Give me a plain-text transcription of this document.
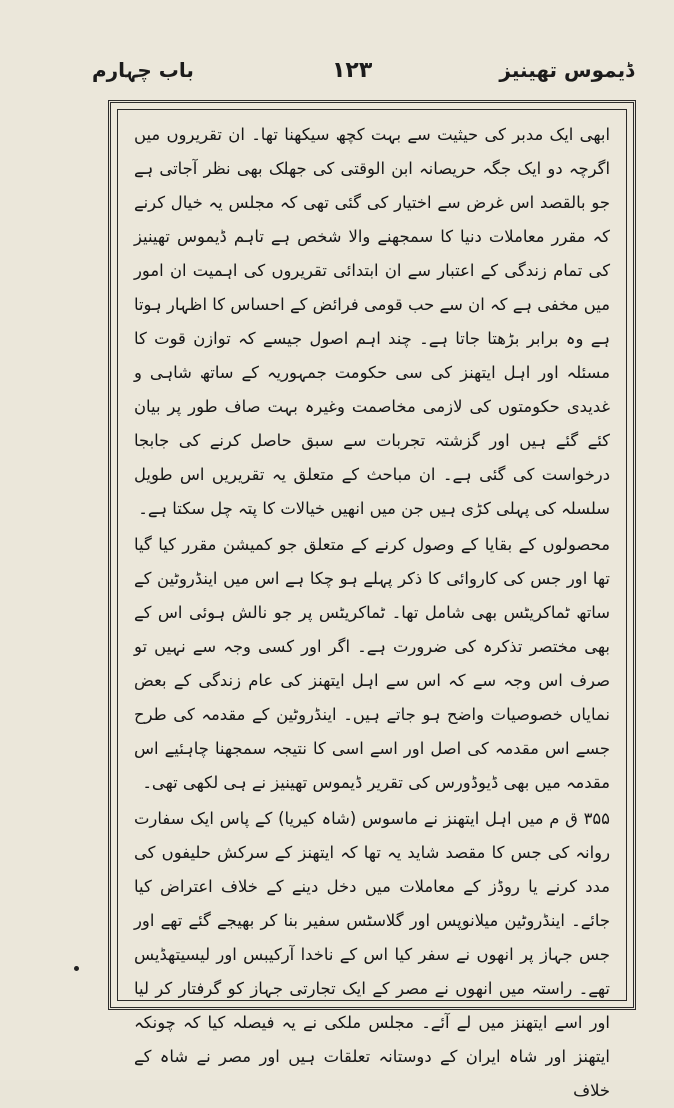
ڈیموس تھینیز
۱۲۳
باب چہارم

ابھی ایک مدبر کی حیثیت سے بہت کچھ سیکھنا تھا۔ ان تقریروں میں اگرچہ دو ایک جگہ حریصانہ ابن الوقتی کی جھلک بھی نظر آجاتی ہے جو بالقصد اس غرض سے اختیار کی گئی تھی کہ مجلس یہ خیال کرنے کہ مقرر معاملات دنیا کا سمجھنے والا شخص ہے تاہم ڈیموس تھینیز کی تمام زندگی کے اعتبار سے ان ابتدائی تقریروں کی اہمیت ان امور میں مخفی ہے کہ ان سے حب قومی فرائض کے احساس کا اظہار ہوتا ہے وہ برابر بڑھتا جاتا ہے۔ چند اہم اصول جیسے کہ توازن قوت کا مسئلہ اور اہل ایتھنز کی سی حکومت جمہوریہ کے ساتھ شاہی و غدیدی حکومتوں کی لازمی مخاصمت وغیرہ بہت صاف طور پر بیان کئے گئے ہیں اور گزشتہ تجربات سے سبق حاصل کرنے کی جابجا درخواست کی گئی ہے۔ ان مباحث کے متعلق یہ تقریریں اس طویل سلسلہ کی پہلی کڑی ہیں جن میں انھیں خیالات کا پتہ چل سکتا ہے۔

محصولوں کے بقایا کے وصول کرنے کے متعلق جو کمیشن مقرر کیا گیا تھا اور جس کی کاروائی کا ذکر پہلے ہو چکا ہے اس میں اینڈروٹین کے ساتھ ٹماکریٹس بھی شامل تھا۔ ٹماکریٹس پر جو نالش ہوئی اس کے بھی مختصر تذکرہ کی ضرورت ہے۔ اگر اور کسی وجہ سے نہیں تو صرف اس وجہ سے کہ اس سے اہل ایتھنز کی عام زندگی کے بعض نمایاں خصوصیات واضح ہو جاتے ہیں۔ اینڈروٹین کے مقدمہ کی طرح جسے اس مقدمہ کی اصل اور اسے اسی کا نتیجہ سمجھنا چاہئیے اس مقدمہ میں بھی ڈیوڈورس کی تقریر ڈیموس تھینیز نے ہی لکھی تھی۔

۳۵۵ ق م میں اہل ایتھنز نے ماسوس (شاہ کیریا) کے پاس ایک سفارت روانہ کی جس کا مقصد شاید یہ تھا کہ ایتھنز کے سرکش حلیفوں کی مدد کرنے یا روڈز کے معاملات میں دخل دینے کے خلاف اعتراض کیا جائے۔ اینڈروٹین میلانوپس اور گلاسٹس سفیر بنا کر بھیجے گئے تھے اور جس جہاز پر انھوں نے سفر کیا اس کے ناخدا آرکیبس اور لیسیتھڈیس تھے۔ راستہ میں انھوں نے مصر کے ایک تجارتی جہاز کو گرفتار کر لیا اور اسے ایتھنز میں لے آئے۔ مجلس ملکی نے یہ فیصلہ کیا کہ چونکہ ایتھنز اور شاہ ایران کے دوستانہ تعلقات ہیں اور مصر نے شاہ کے خلاف
